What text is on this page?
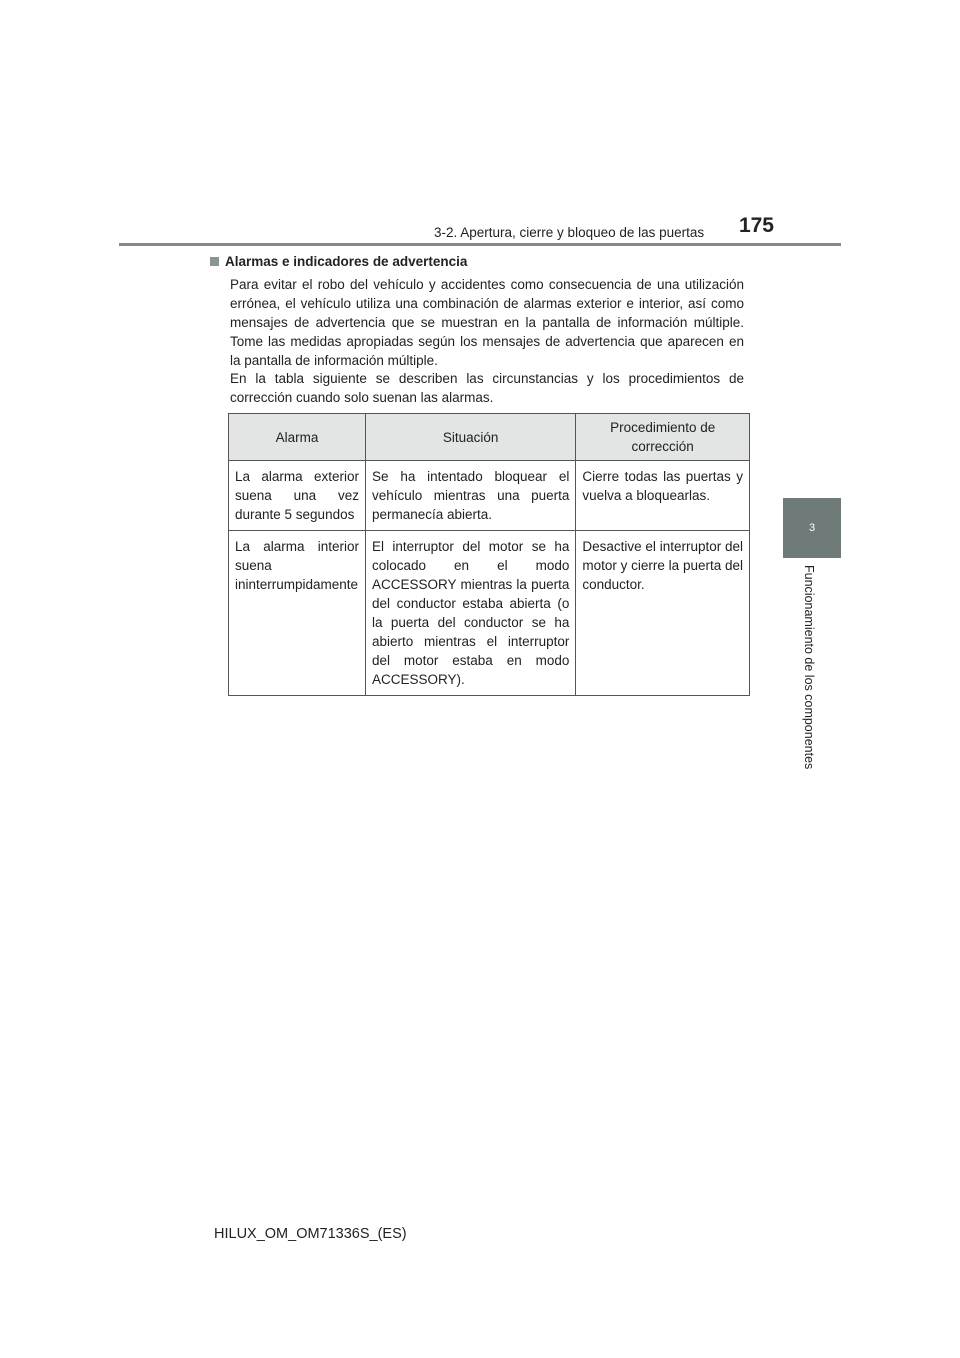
3-2. Apertura, cierre y bloqueo de las puertas	175
3
Funcionamiento de los componentes
Alarmas e indicadores de advertencia

Para evitar el robo del vehículo y accidentes como consecuencia de una utilización errónea, el vehículo utiliza una combinación de alarmas exterior e interior, así como mensajes de advertencia que se muestran en la pantalla de información múltiple. Tome las medidas apropiadas según los mensajes de advertencia que aparecen en la pantalla de información múltiple.

En la tabla siguiente se describen las circunstancias y los procedimientos de corrección cuando solo suenan las alarmas.

Alarma	Situación	Procedimiento de corrección
La alarma exterior suena una vez durante 5 segundos	Se ha intentado bloquear el vehículo mientras una puerta permanecía abierta.	Cierre todas las puertas y vuelva a bloquearlas.
La alarma interior suena ininterrumpidamente	El interruptor del motor se ha colocado en el modo ACCESSORY mientras la puerta del conductor estaba abierta (o la puerta del conductor se ha abierto mientras el interruptor del motor estaba en modo ACCESSORY).	Desactive el interruptor del motor y cierre la puerta del conductor.
HILUX_OM_OM71336S_(ES)
